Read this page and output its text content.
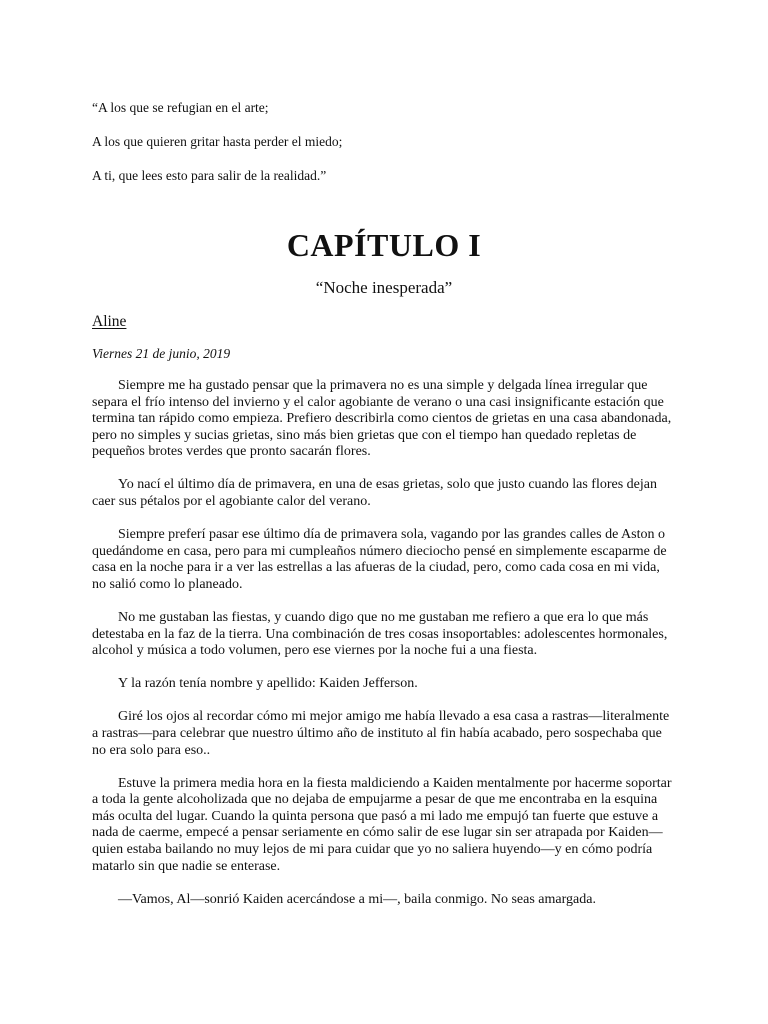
“A los que se refugian en el arte;

A los que quieren gritar hasta perder el miedo;

A ti, que lees esto para salir de la realidad.”

CAPÍTULO I
“Noche inesperada”
Aline
Viernes 21 de junio, 2019

Siempre me ha gustado pensar que la primavera no es una simple y delgada línea irregular que separa el frío intenso del invierno y el calor agobiante de verano o una casi insignificante estación que termina tan rápido como empieza. Prefiero describirla como cientos de grietas en una casa abandonada, pero no simples y sucias grietas, sino más bien grietas que con el tiempo han quedado repletas de pequeños brotes verdes que pronto sacarán flores.

Yo nací el último día de primavera, en una de esas grietas, solo que justo cuando las flores dejan caer sus pétalos por el agobiante calor del verano.

Siempre preferí pasar ese último día de primavera sola, vagando por las grandes calles de Aston o quedándome en casa, pero para mi cumpleaños número dieciocho pensé en simplemente escaparme de casa en la noche para ir a ver las estrellas a las afueras de la ciudad, pero, como cada cosa en mi vida, no salió como lo planeado.

No me gustaban las fiestas, y cuando digo que no me gustaban me refiero a que era lo que más detestaba en la faz de la tierra. Una combinación de tres cosas insoportables: adolescentes hormonales, alcohol y música a todo volumen, pero ese viernes por la noche fui a una fiesta.

Y la razón tenía nombre y apellido: Kaiden Jefferson.

Giré los ojos al recordar cómo mi mejor amigo me había llevado a esa casa a rastras—literalmente a rastras—para celebrar que nuestro último año de instituto al fin había acabado, pero sospechaba que no era solo para eso..

Estuve la primera media hora en la fiesta maldiciendo a Kaiden mentalmente por hacerme soportar a toda la gente alcoholizada que no dejaba de empujarme a pesar de que me encontraba en la esquina más oculta del lugar. Cuando la quinta persona que pasó a mi lado me empujó tan fuerte que estuve a nada de caerme, empecé a pensar seriamente en cómo salir de ese lugar sin ser atrapada por Kaiden— quien estaba bailando no muy lejos de mi para cuidar que yo no saliera huyendo—y en cómo podría matarlo sin que nadie se enterase.

—Vamos, Al—sonrió Kaiden acercándose a mi—, baila conmigo. No seas amargada.
